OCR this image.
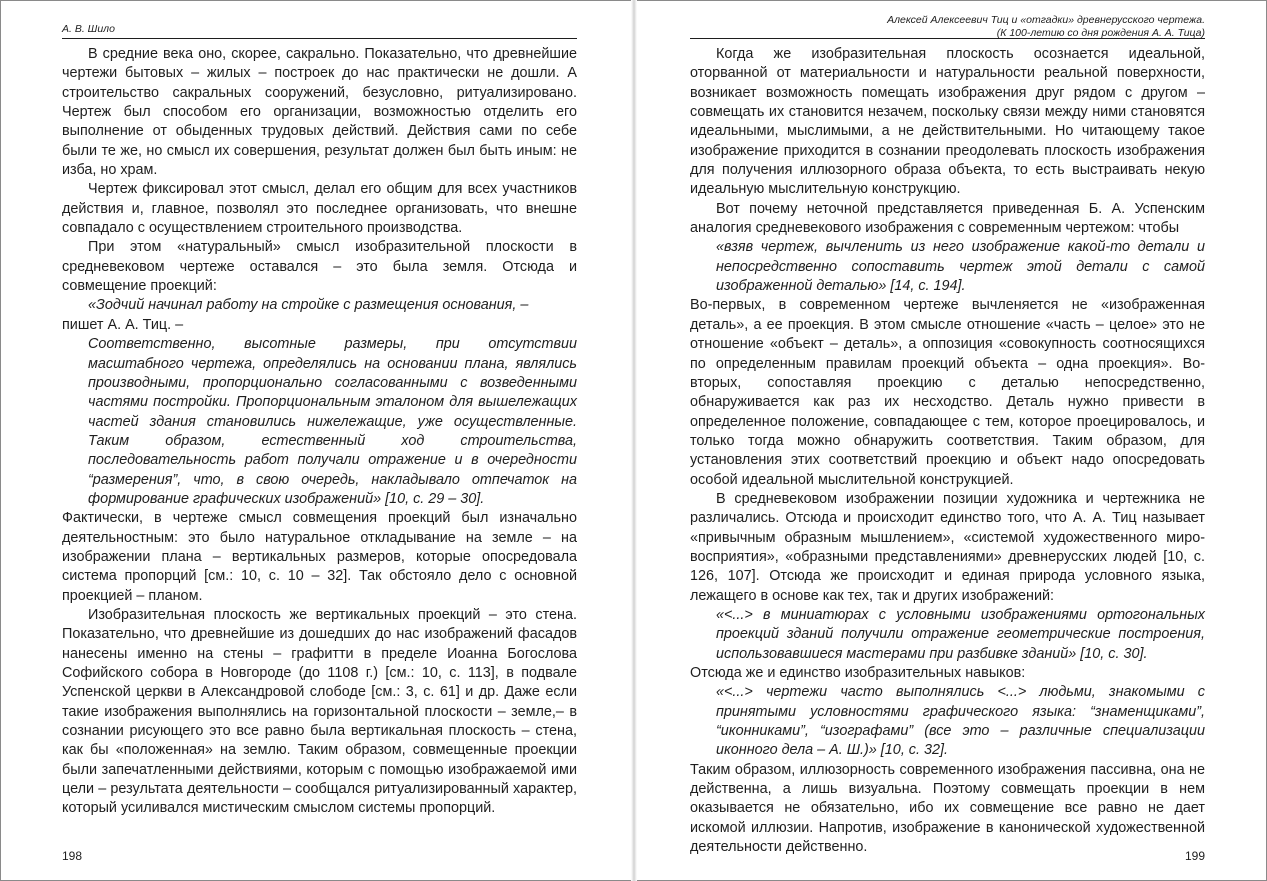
А. В. Шило

В средние века оно, скорее, сакрально. Показательно, что древнейшие чертежи бытовых – жилых – построек до нас практически не дошли. А строительство сакральных сооружений, безусловно, ритуализировано. Чертеж был способом его организации, возможностью отделить его выполнение от обыденных трудовых действий. Действия сами по себе были те же, но смысл их совершения, результат должен был быть иным: не изба, но храм.

Чертеж фиксировал этот смысл, делал его общим для всех участников действия и, главное, позволял это последнее организовать, что внешне совпадало с осуществлением строительного производства.

При этом «натуральный» смысл изобразительной плоскости в средневековом чертеже оставался – это была земля. Отсюда и совмещение проекций:

«Зодчий начинал работу на стройке с размещения основания, –

пишет А. А. Тиц. –

Соответственно, высотные размеры, при отсутствии масштабного чертежа, определялись на основании плана, являлись производными, пропорционально согласованными с возведенными частями постройки. Пропорциональным эталоном для вышележащих частей здания становились нижележащие, уже осуществленные. Таким образом, естественный ход строительства, последовательность работ получали отражение и в очередности “размерения”, что, в свою очередь, накладывало отпечаток на формирование графических изображений» [10, с. 29 – 30].

Фактически, в чертеже смысл совмещения проекций был изначально деятельностным: это было натуральное откладывание на земле – на изображении плана – вертикальных размеров, которые опосредовала система пропорций [см.: 10, с. 10 – 32]. Так обстояло дело с основной проекцией – планом.

Изобразительная плоскость же вертикальных проекций – это стена. Показательно, что древнейшие из дошедших до нас изображений фасадов нанесены именно на стены – графитти в пределе Иоанна Богослова Софийского собора в Новгороде (до 1108 г.) [см.: 10, с. 113], в подвале Успенской церкви в Александровой слободе [см.: 3, с. 61] и др. Даже если такие изображения выполнялись на горизонтальной плоскости – земле,– в сознании рисующего это все равно была вертикальная плоскость – стена, как бы «положенная» на землю. Таким образом, совмещенные проекции были запечатленными действиями, которым с помощью изображаемой ими цели – результата деятельности – сообщался ритуализированный характер, который усиливался мистическим смыслом системы пропорций.

198
Алексей Алексеевич Тиц и «отгадки» древнерусского чертежа.
(К 100-летию со дня рождения А. А. Тица)

Когда же изобразительная плоскость осознается идеальной, оторванной от материальности и натуральности реальной поверхности, возникает возможность помещать изображения друг рядом с другом – совмещать их становится незачем, поскольку связи между ними становятся идеальными, мыслимыми, а не действительными. Но читающему такое изображение приходится в сознании преодолевать плоскость изображения для получения иллюзорного образа объекта, то есть выстраивать некую идеальную мыслительную конструкцию.

Вот почему неточной представляется приведенная Б. А. Успенским аналогия средневекового изображения с современным чертежом: чтобы

«взяв чертеж, вычленить из него изображение какой-то детали и непосредственно сопоставить чертеж этой детали с самой изображенной деталью» [14, с. 194].

Во-первых, в современном чертеже вычленяется не «изображенная деталь», а ее проекция. В этом смысле отношение «часть – целое» это не отношение «объект – деталь», а оппозиция «совокупность соотносящихся по определенным правилам проекций объекта – одна проекция». Во-вторых, сопоставляя проекцию с деталью непосредственно, обнаруживается как раз их несходство. Деталь нужно привести в определенное положение, совпадающее с тем, которое проецировалось, и только тогда можно обнаружить соответствия. Таким образом, для установления этих соответствий проекцию и объект надо опосредовать особой идеальной мыслительной конструкцией.

В средневековом изображении позиции художника и чертежника не различались. Отсюда и происходит единство того, что А. А. Тиц называет «привычным образным мышлением», «системой художественного миро-восприятия», «образными представлениями» древнерусских людей [10, с. 126, 107]. Отсюда же происходит и единая природа условного языка, лежащего в основе как тех, так и других изображений:

«<...> в миниатюрах с условными изображениями ортогональных проекций зданий получили отражение геометрические построения, использовавшиеся мастерами при разбивке зданий» [10, с. 30].

Отсюда же и единство изобразительных навыков:

«<...> чертежи часто выполнялись <...> людьми, знакомыми с принятыми условностями графического языка: “знаменщиками”, “иконниками”, “изографами” (все это – различные специализации иконного дела – А. Ш.)» [10, с. 32].

Таким образом, иллюзорность современного изображения пассивна, она не действенна, а лишь визуальна. Поэтому совмещать проекции в нем оказывается не обязательно, ибо их совмещение все равно не дает искомой иллюзии. Напротив, изображение в канонической художественной деятельности действенно.

199
